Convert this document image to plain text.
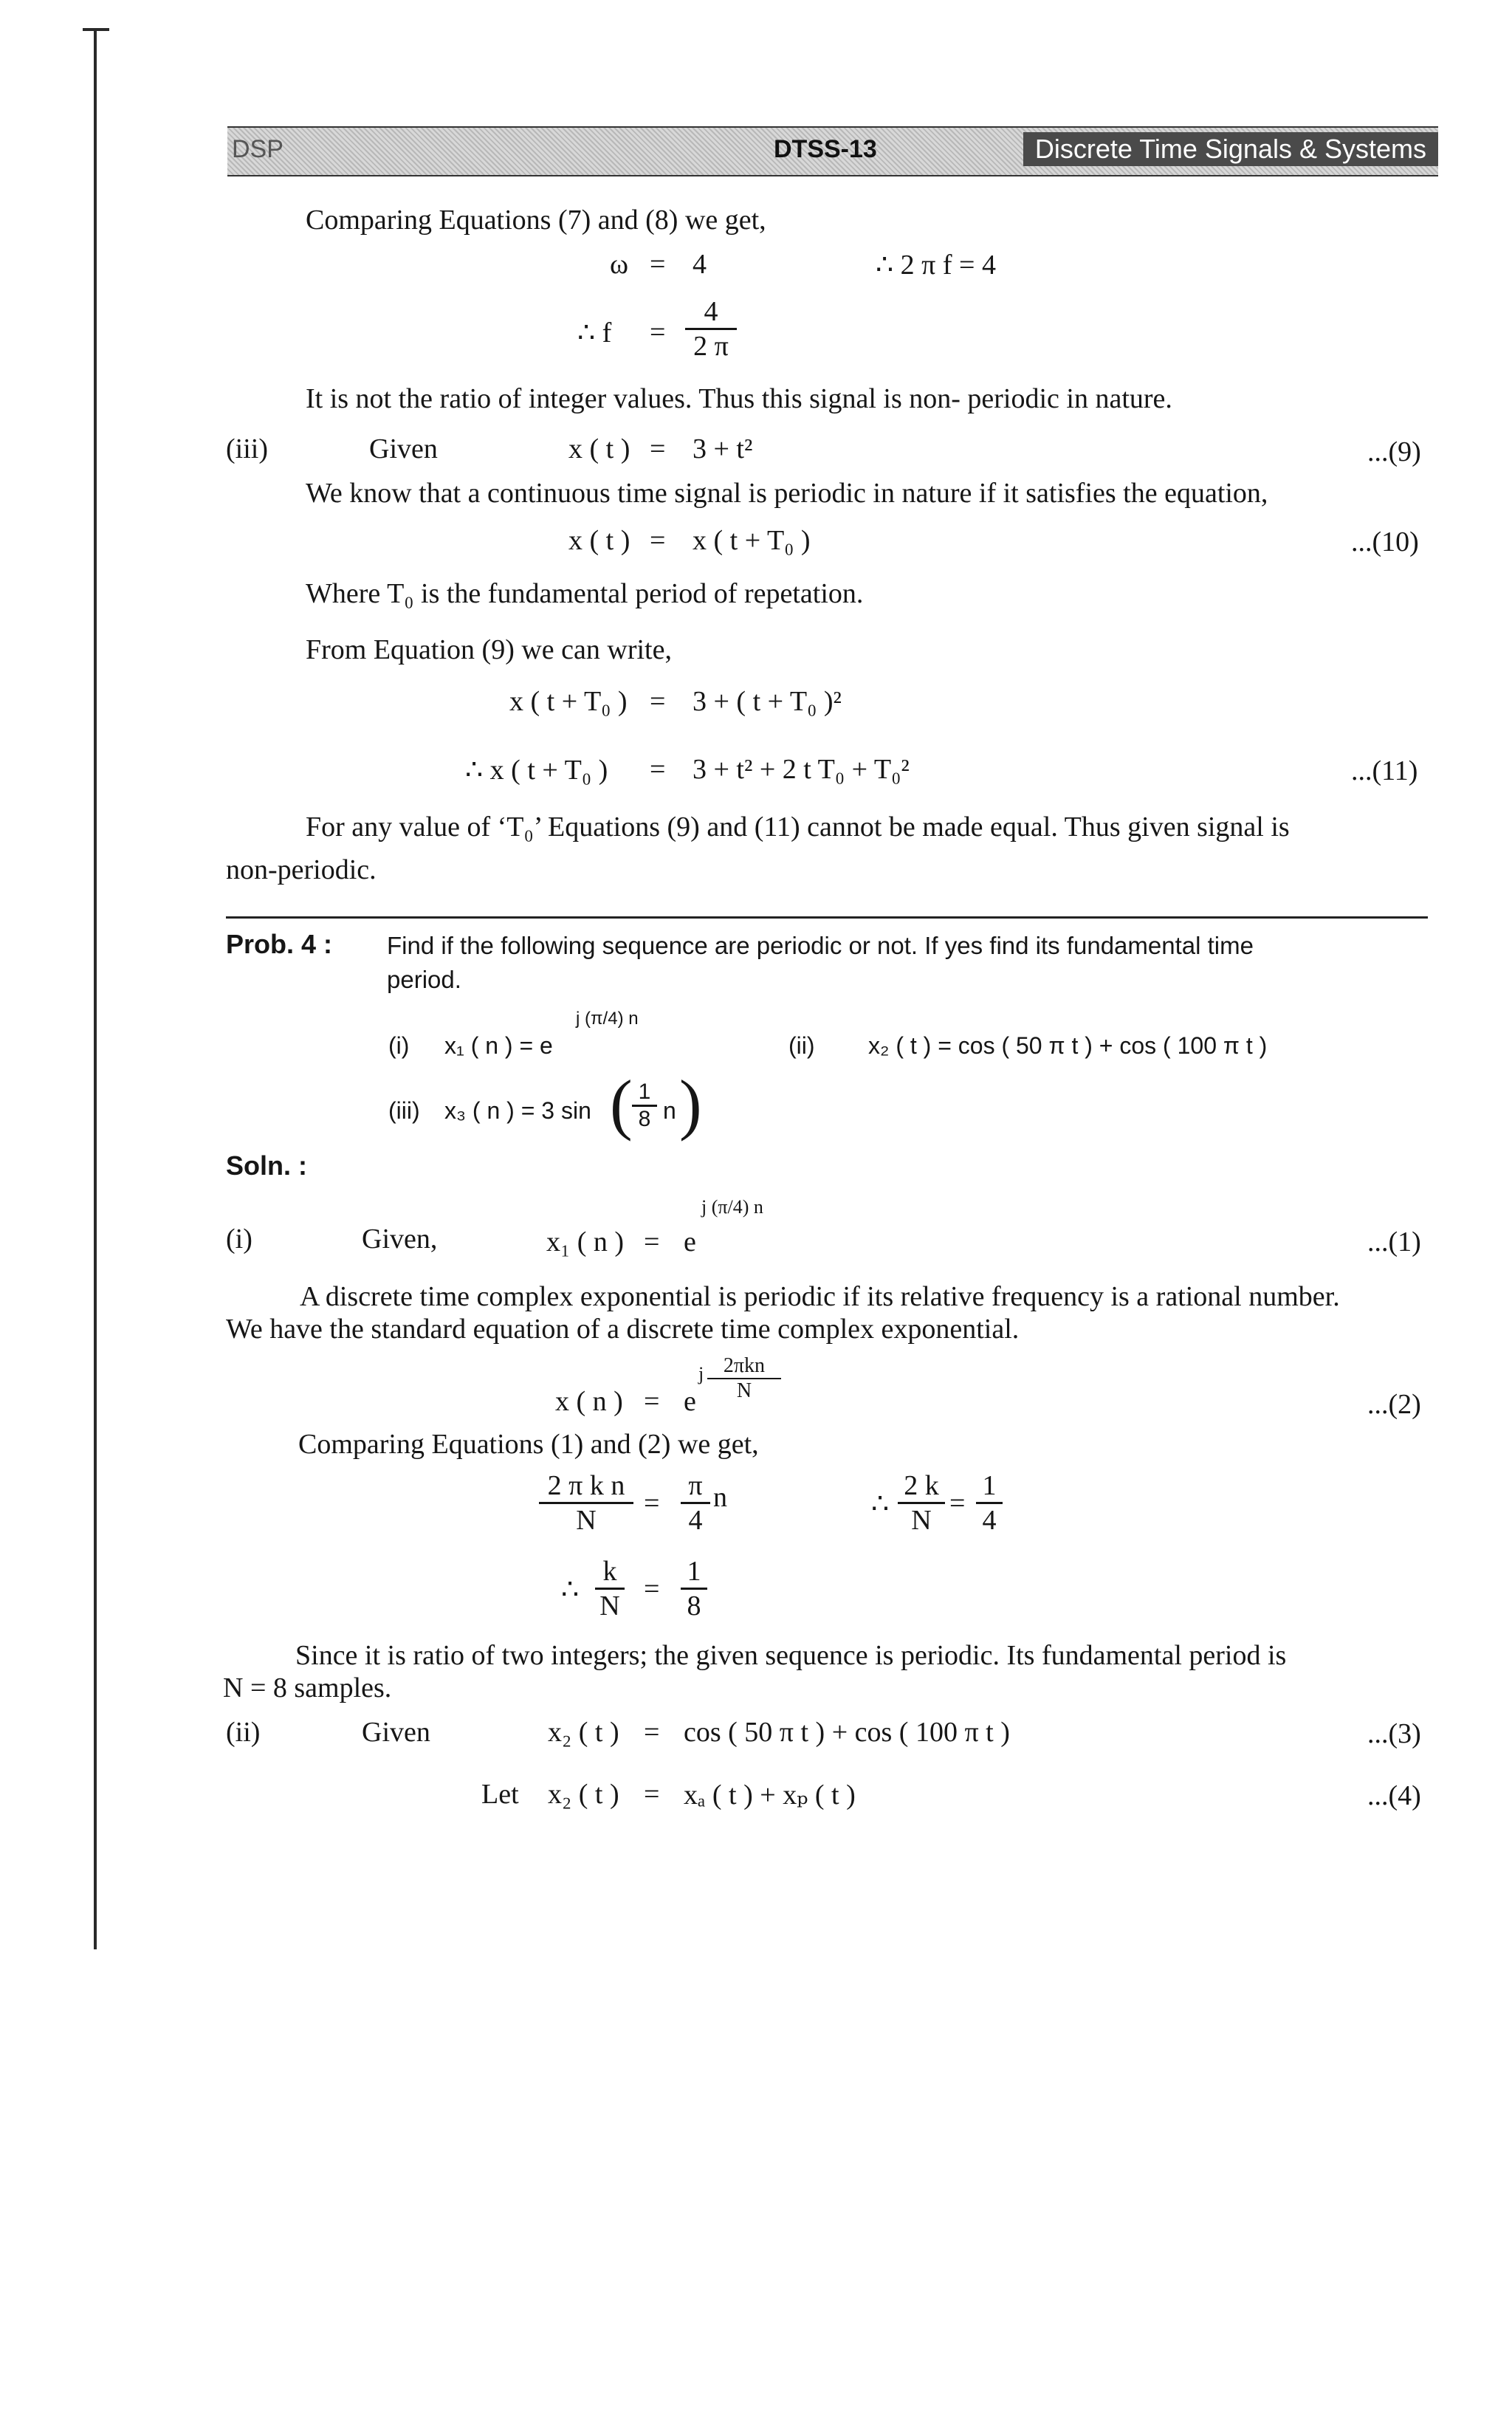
DSP	DTSS-13	Discrete Time Signals & Systems
Comparing Equations (7) and (8) we get,
ω = 4	∴ 2 π f = 4
∴ $f = \frac{4}{2 \pi}$
It is not the ratio of integer values. Thus this signal is non- periodic in nature.
(iii)	Given	x ( t ) = 3 + t²	...(9)
We know that a continuous time signal is periodic in nature if it satisfies the equation,
x ( t ) = x ( t + T₀ )	...(10)
Where T₀ is the fundamental period of repetation.
From Equation (9) we can write,
x ( t + T₀ ) = 3 + ( t + T₀ )²
∴ x ( t + T₀ ) = 3 + t² + 2 t T₀ + T₀²	...(11)
For any value of ‘T₀’ Equations (9) and (11) cannot be made equal. Thus given signal is
non-periodic.
Prob. 4 : Find if the following sequence are periodic or not. If yes find its fundamental time
period.
(i) x₁ ( n ) = e
j (π/4) n
(ii) x₂ ( t ) = cos ( 50 π t ) + cos ( 100 π t )
(iii) x₃ ( n ) = 3 sin ( $\frac{1}{8}$ n )
Soln. :
(i)	Given,	x₁ ( n ) = e
j (π/4) n
...(1)
A discrete time complex exponential is periodic if its relative frequency is a rational number.
We have the standard equation of a discrete time complex exponential.
x ( n ) = e
j 2πkn
N	...(2)
Comparing Equations (1) and (2) we get,
$\frac{\text{2 π k n}}{N} = \frac{\pi}{4}$ n	∴ $\frac{2 k}{N} = \frac{1}{4}$
∴ $\frac{k}{N} = \frac{1}{8}$
Since it is ratio of two integers; the given sequence is periodic. Its fundamental period is
N = 8 samples.
(ii)	Given	x₂ ( t ) = cos ( 50 π t ) + cos ( 100 π t )	...(3)
Let x₂ ( t ) = xₐ ( t ) + xₚ ( t )	...(4)
